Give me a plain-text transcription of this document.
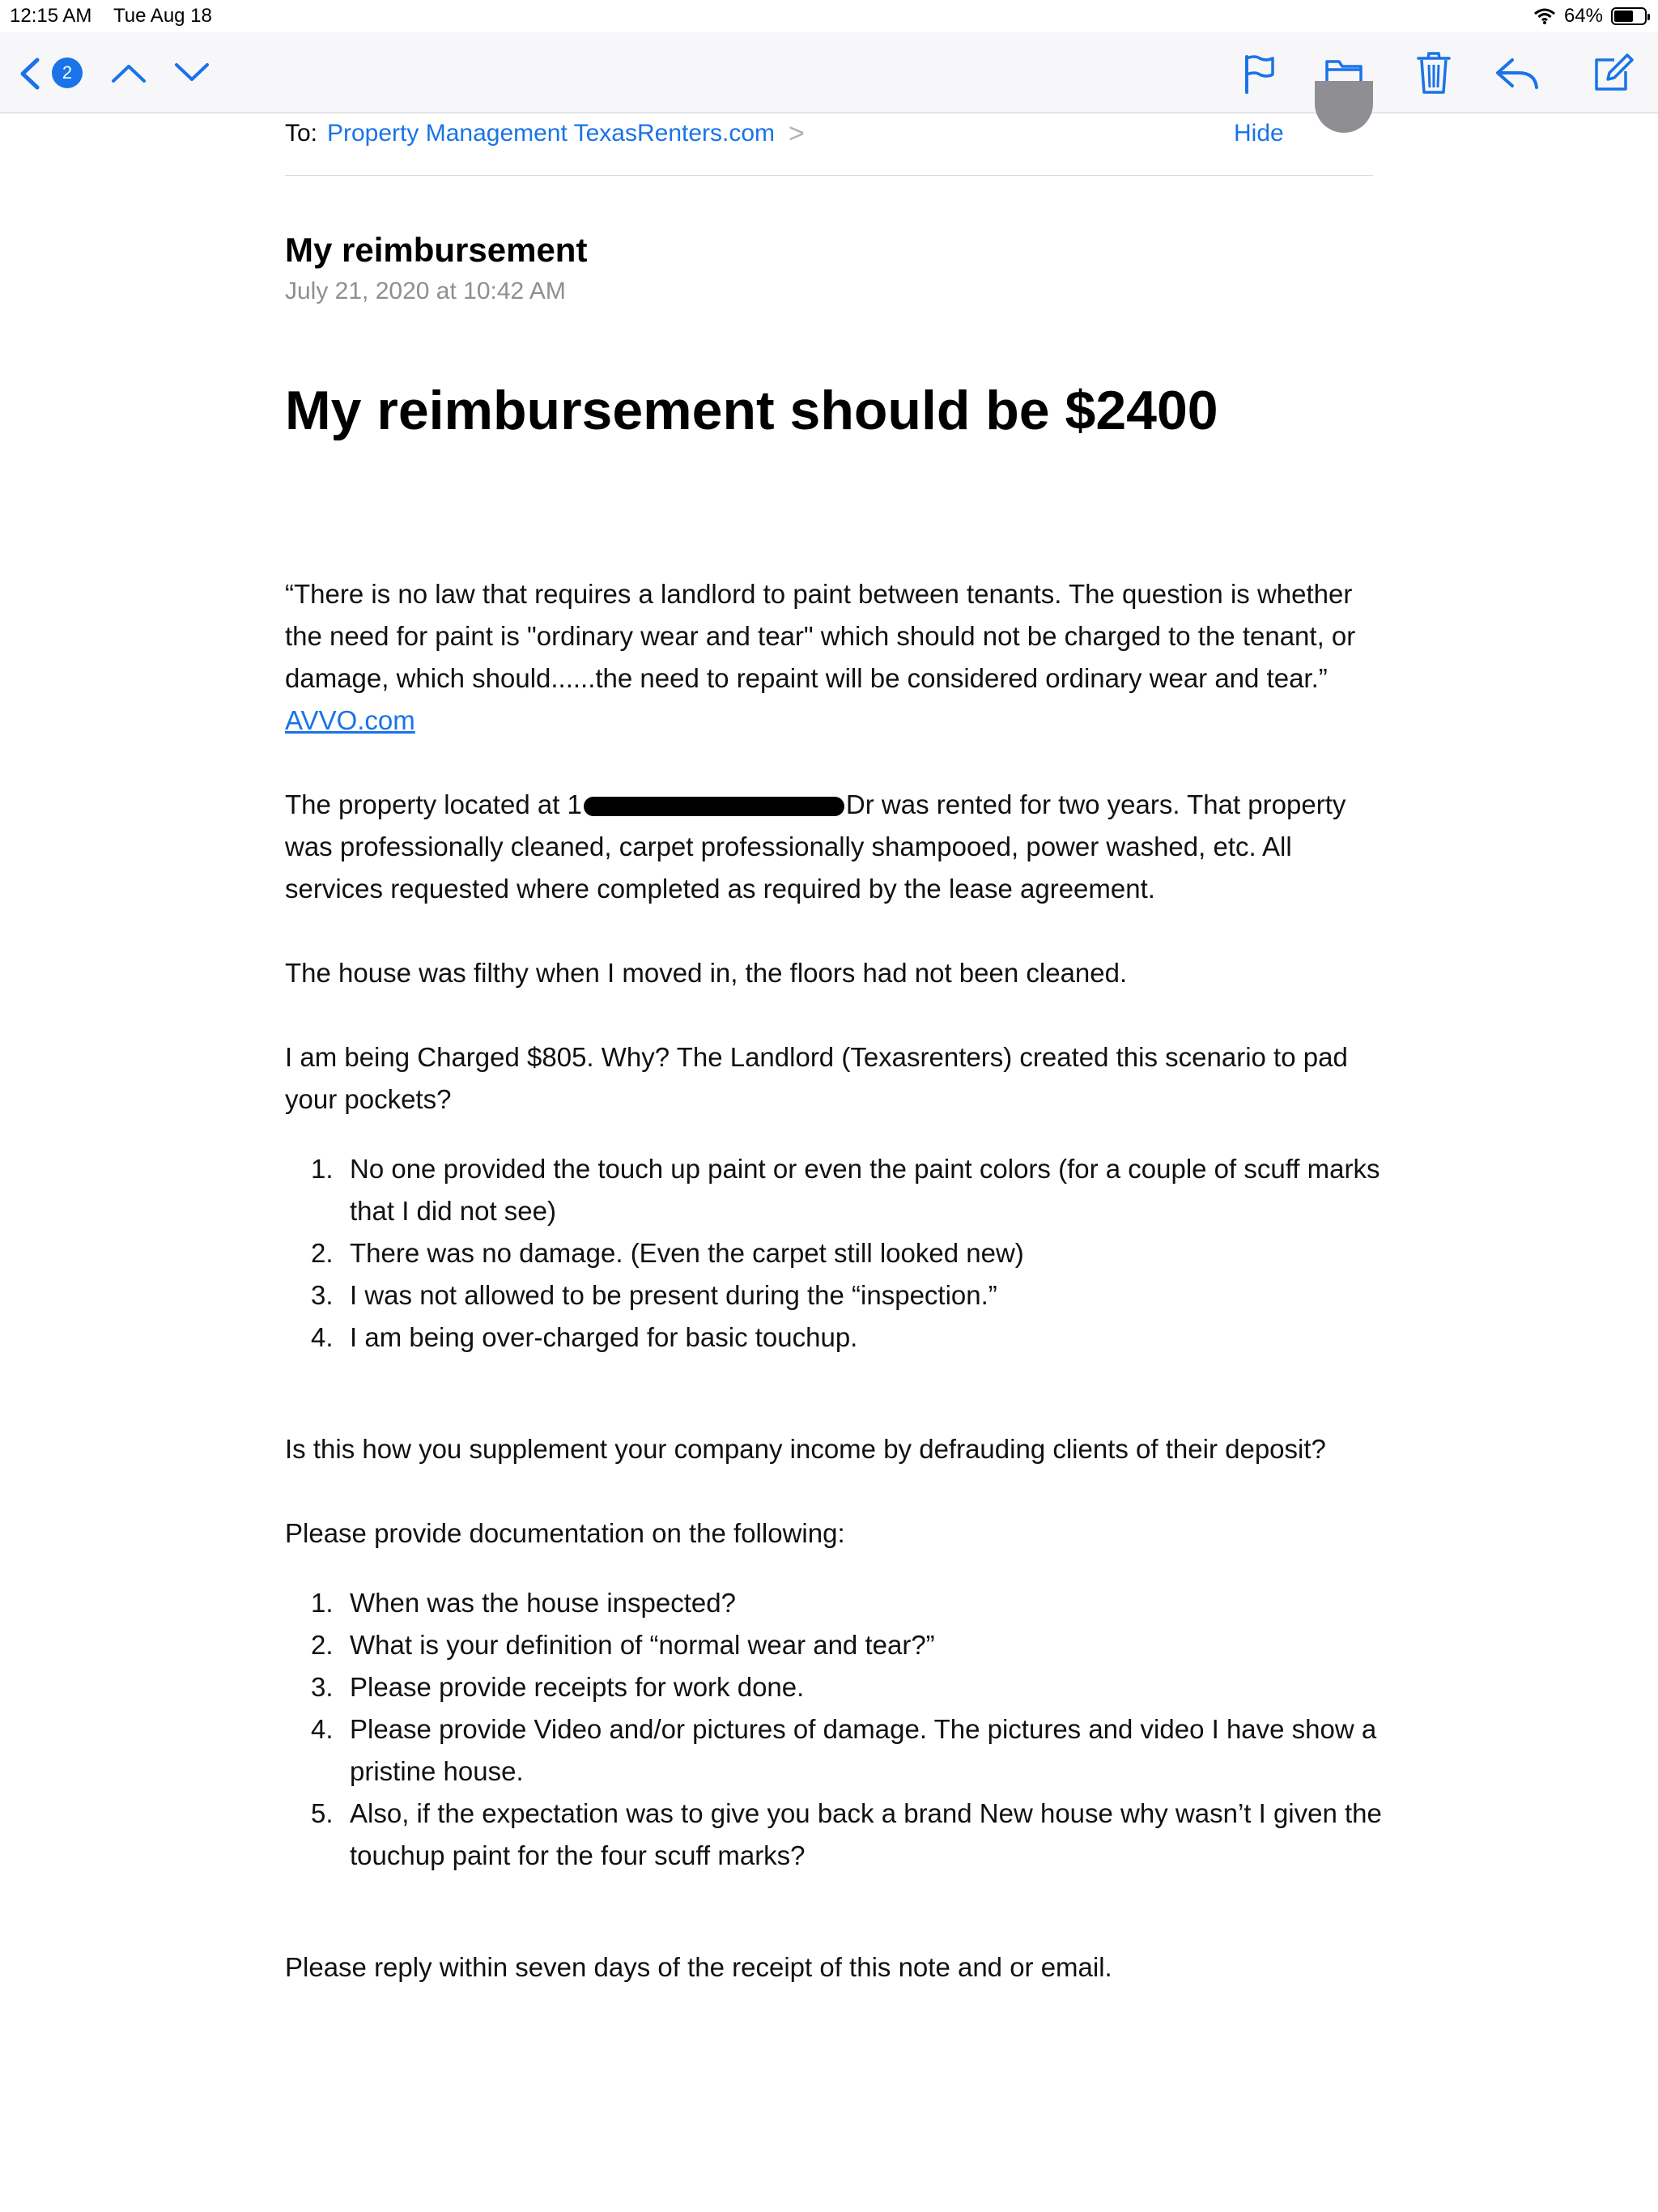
12:15 AM Tue Aug 18	64%
2
To: Property Management TexasRenters.com >	Hide
My reimbursement
July 21, 2020 at 10:42 AM
My reimbursement should be $2400

“There is no law that requires a landlord to paint between tenants. The question is whether the need for paint is "ordinary wear and tear" which should not be charged to the tenant, or damage, which should......the need to repaint will be considered ordinary wear and tear.” AVVO.com

The property located at 1	Dr was rented for two years. That property was professionally cleaned, carpet professionally shampooed, power washed, etc. All services requested where completed as required by the lease agreement.

The house was filthy when I moved in, the floors had not been cleaned.

I am being Charged $805. Why? The Landlord (Texasrenters) created this scenario to pad your pockets?

1. No one provided the touch up paint or even the paint colors (for a couple of scuff marks that I did not see)
2. There was no damage. (Even the carpet still looked new)
3. I was not allowed to be present during the “inspection.”
4. I am being over-charged for basic touchup.

Is this how you supplement your company income by defrauding clients of their deposit?

Please provide documentation on the following:

1. When was the house inspected?
2. What is your definition of “normal wear and tear?”
3. Please provide receipts for work done.
4. Please provide Video and/or pictures of damage. The pictures and video I have show a pristine house.
5. Also, if the expectation was to give you back a brand New house why wasn’t I given the touchup paint for the four scuff marks?

Please reply within seven days of the receipt of this note and or email.
